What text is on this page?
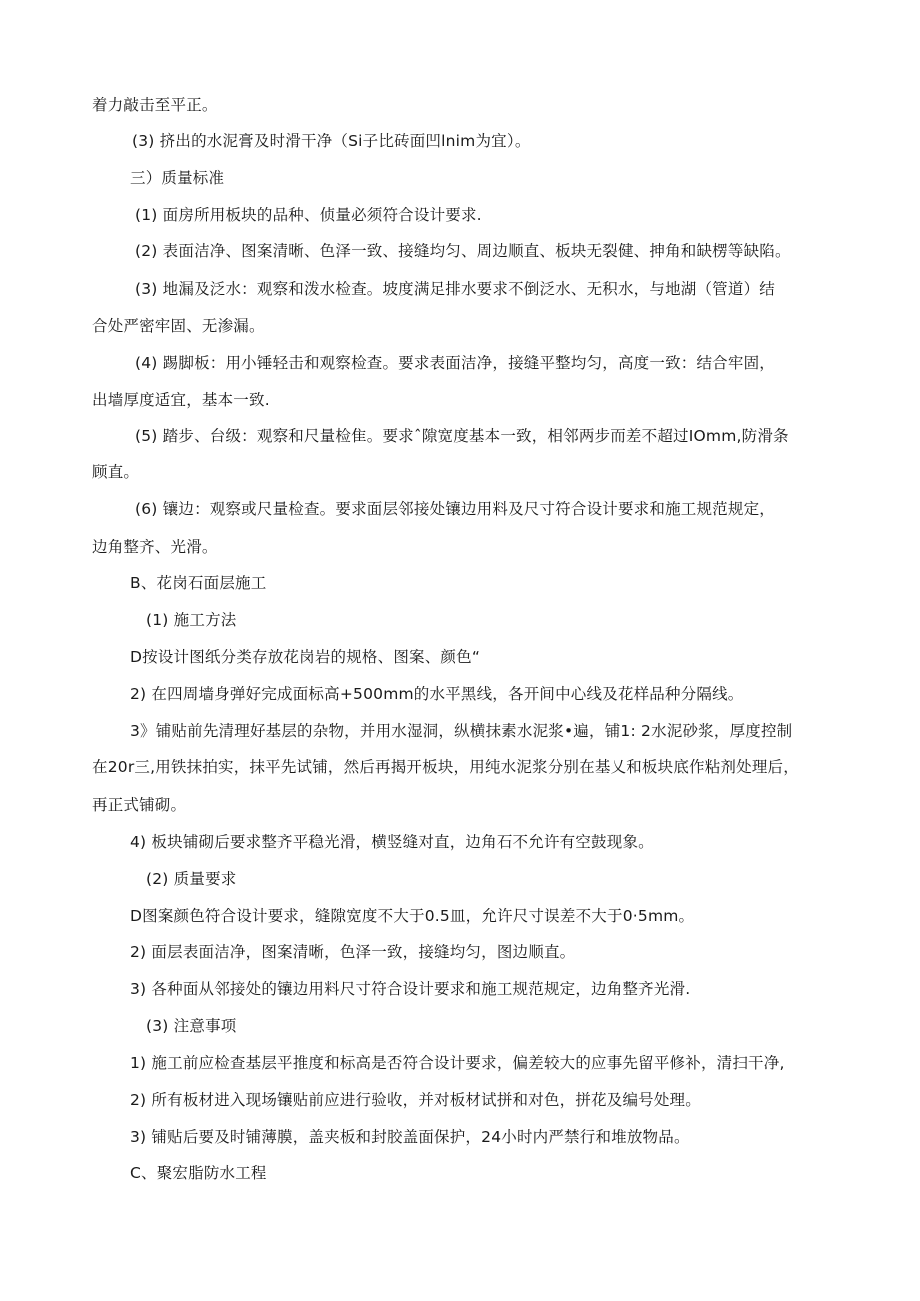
着力敲击至平正。

(3) 挤出的水泥膏及时滑干净（Si子比砖面凹lnim为宜）。

三）质量标准

(1) 面房所用板块的品种、侦量必须符合设计要求.

(2) 表面洁净、图案清晰、色泽一致、接缝均匀、周边顺直、板块无裂健、抻角和缺楞等缺陷。

(3) 地漏及泛水：观察和泼水检查。坡度满足排水要求不倒泛水、无积水，与地湖（管道）结

合处严密牢固、无渗漏。

(4) 踢脚板：用小锤轻击和观察检查。要求表面洁净，接缝平整均匀，高度一致：结合牢固，

出墙厚度适宜，基本一致.

(5) 踏步、台级：观察和尺量检隹。要求ˆ隙宽度基本一致，相邻两步而差不超过IOmm,防滑条

顾直。

(6) 镶边：观察或尺量检查。要求面层邻接处镶边用料及尺寸符合设计要求和施工规范规定，

边角整齐、光滑。

B、花岗石面层施工

(1) 施工方法

D按设计图纸分类存放花岗岩的规格、图案、颜色“

2) 在四周墙身弹好完成面标高+500mm的水平黑线，各开间中心线及花样品种分隔线。

3》铺贴前先清理好基层的杂物，并用水湿洞，纵横抹素水泥浆•遍，铺1: 2水泥砂浆，厚度控制

在20r三,用铁抹拍实，抹平先试铺，然后再揭开板块，用纯水泥浆分别在基乂和板块底作粘剂处理后，

再正式铺砌。

4) 板块铺砌后要求整齐平稳光滑，横竖缝对直，边角石不允许有空鼓现象。

(2) 质量要求

D图案颜色符合设计要求，缝隙宽度不大于0.5皿，允许尺寸误差不大于0·5mm。

2) 面层表面洁净，图案清晰，色泽一致，接缝均匀，图边顺直。

3) 各种面从邻接处的镶边用料尺寸符合设计要求和施工规范规定，边角整齐光滑.

(3) 注意事项

1) 施工前应检查基层平推度和标高是否符合设计要求，偏差较大的应事先留平修补，清扫干净,

2) 所有板材进入现场镶贴前应进行验收，并对板材试拼和对色，拼花及编号处理。

3) 铺贴后要及时铺薄膜，盖夹板和封胶盖面保护，24小时内严禁行和堆放物品。

C、聚宏脂防水工程
